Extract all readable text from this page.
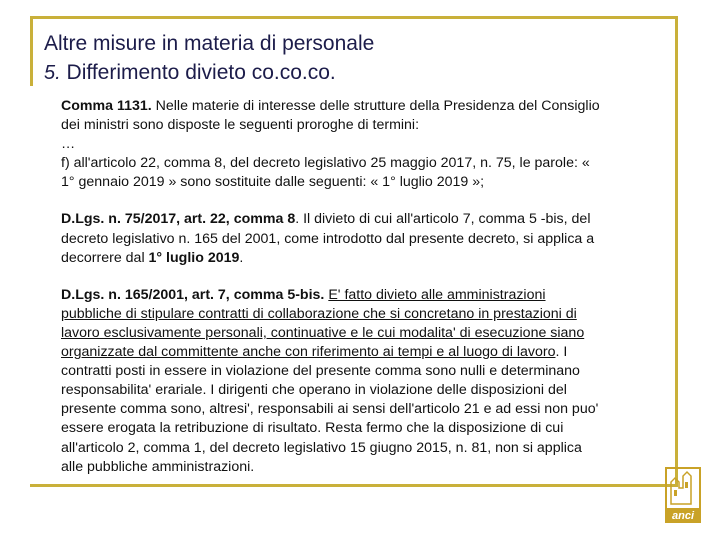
Altre misure in materia di personale
5. Differimento divieto co.co.co.

Comma 1131. Nelle materie di interesse delle strutture della Presidenza del Consiglio dei ministri sono disposte le seguenti proroghe di termini:
…
f) all'articolo 22, comma 8, del decreto legislativo 25 maggio 2017, n. 75, le parole: « 1° gennaio 2019 » sono sostituite dalle seguenti: « 1° luglio 2019 »;

D.Lgs. n. 75/2017, art. 22, comma 8. Il divieto di cui all'articolo 7, comma 5 -bis, del decreto legislativo n. 165 del 2001, come introdotto dal presente decreto, si applica a decorrere dal 1° luglio 2019.

D.Lgs. n. 165/2001, art. 7, comma 5-bis. E' fatto divieto alle amministrazioni pubbliche di stipulare contratti di collaborazione che si concretano in prestazioni di lavoro esclusivamente personali, continuative e le cui modalita' di esecuzione siano organizzate dal committente anche con riferimento ai tempi e al luogo di lavoro. I contratti posti in essere in violazione del presente comma sono nulli e determinano responsabilita' erariale. I dirigenti che operano in violazione delle disposizioni del presente comma sono, altresi', responsabili ai sensi dell'articolo 21 e ad essi non puo' essere erogata la retribuzione di risultato. Resta fermo che la disposizione di cui all'articolo 2, comma 1, del decreto legislativo 15 giugno 2015, n. 81, non si applica alle pubbliche amministrazioni.

anci
